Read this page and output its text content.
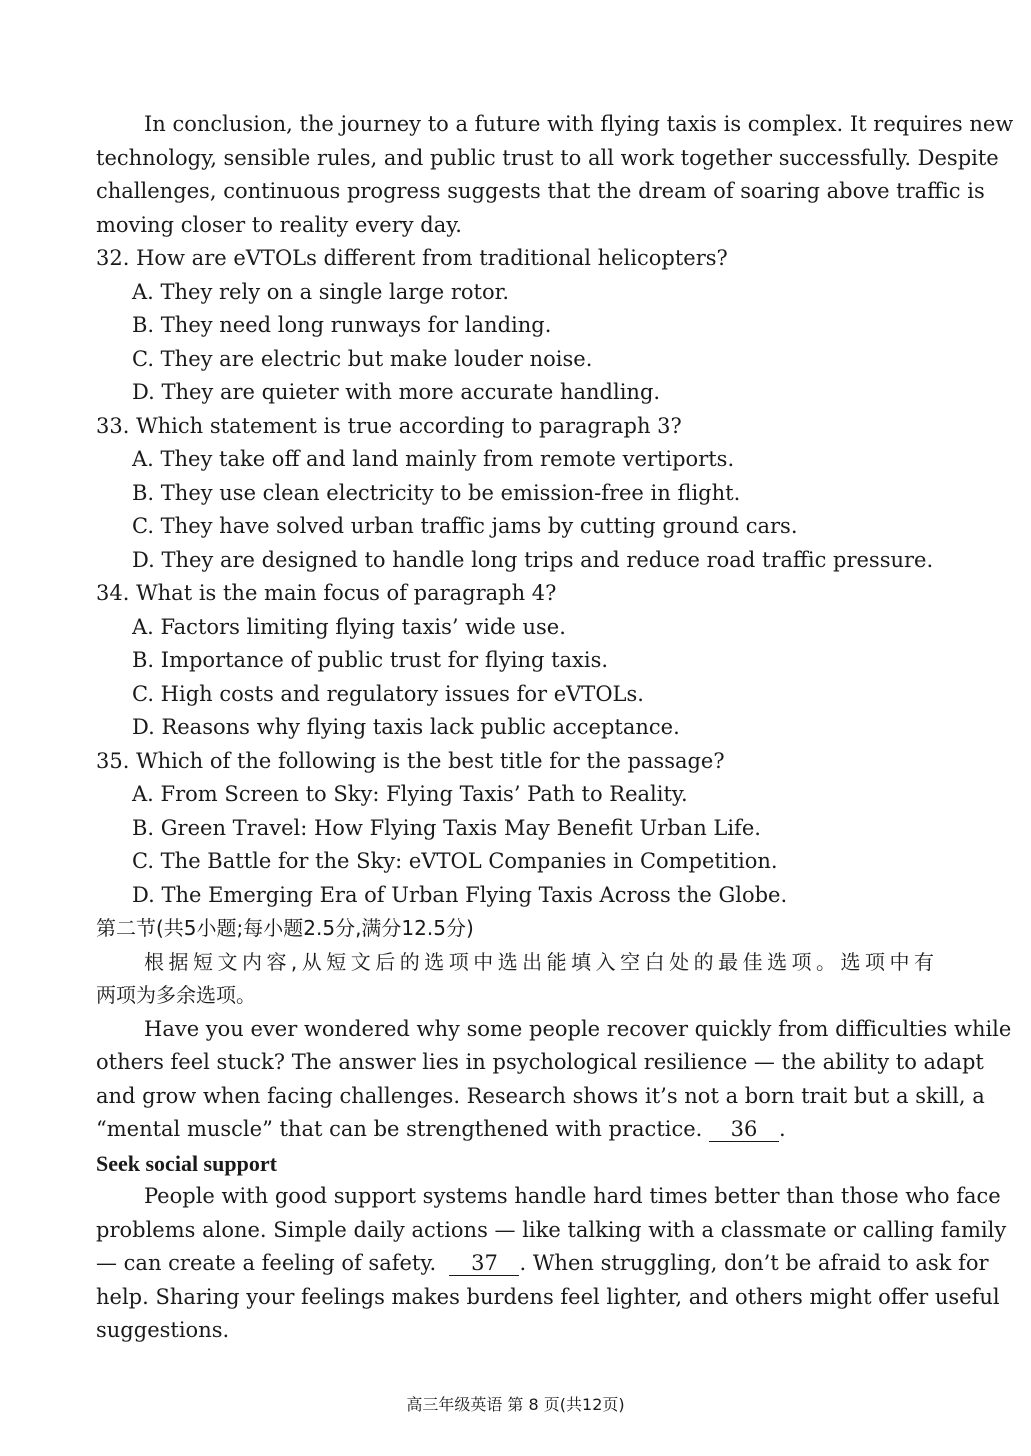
In conclusion, the journey to a future with flying taxis is complex. It requires new
technology, sensible rules, and public trust to all work together successfully. Despite
challenges, continuous progress suggests that the dream of soaring above traffic is
moving closer to reality every day.
32. How are eVTOLs different from traditional helicopters?
A. They rely on a single large rotor.
B. They need long runways for landing.
C. They are electric but make louder noise.
D. They are quieter with more accurate handling.
33. Which statement is true according to paragraph 3?
A. They take off and land mainly from remote vertiports.
B. They use clean electricity to be emission-free in flight.
C. They have solved urban traffic jams by cutting ground cars.
D. They are designed to handle long trips and reduce road traffic pressure.
34. What is the main focus of paragraph 4?
A. Factors limiting flying taxis’ wide use.
B. Importance of public trust for flying taxis.
C. High costs and regulatory issues for eVTOLs.
D. Reasons why flying taxis lack public acceptance.
35. Which of the following is the best title for the passage?
A. From Screen to Sky: Flying Taxis’ Path to Reality.
B. Green Travel: How Flying Taxis May Benefit Urban Life.
C. The Battle for the Sky: eVTOL Companies in Competition.
D. The Emerging Era of Urban Flying Taxis Across the Globe.
第二节(共5小题;每小题2.5分,满分12.5分)
根据短文内容,从短文后的选项中选出能填入空白处的最佳选项。选项中有
两项为多余选项。
Have you ever wondered why some people recover quickly from difficulties while
others feel stuck? The answer lies in psychological resilience — the ability to adapt
and grow when facing challenges. Research shows it’s not a born trait but a skill, a
“mental muscle” that can be strengthened with practice. 36 .
Seek social support
People with good support systems handle hard times better than those who face
problems alone. Simple daily actions — like talking with a classmate or calling family
— can create a feeling of safety. 37	. When struggling, don’t be afraid to ask for
help. Sharing your feelings makes burdens feel lighter, and others might offer useful
suggestions.
高三年级英语 第 8 页(共12页)
